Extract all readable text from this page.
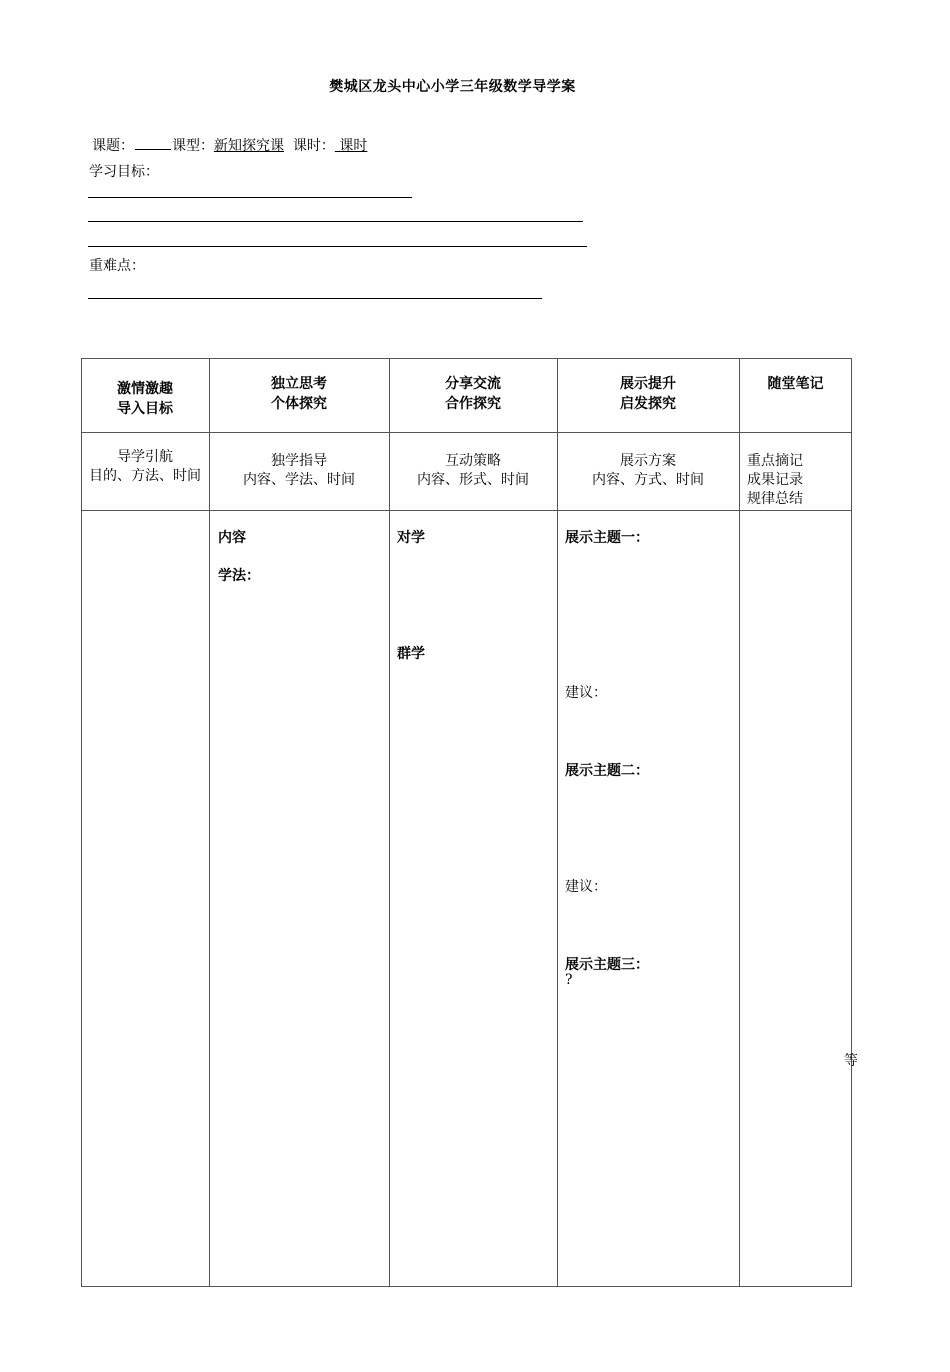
樊城区龙头中心小学三年级数学导学案
课题：	课型：新知探究课 课时： 课时
学习目标：
重难点：
激情激趣
导入目标
独立思考
个体探究
分享交流
合作探究
展示提升
启发探究
随堂笔记
导学引航
目的、方法、时间
独学指导
内容、学法、时间
互动策略
内容、形式、时间
展示方案
内容、方式、时间
重点摘记
成果记录
规律总结
内容
学法：
对学
群学
展示主题一：
建议：
展示主题二：
建议：
展示主题三：
?
等
